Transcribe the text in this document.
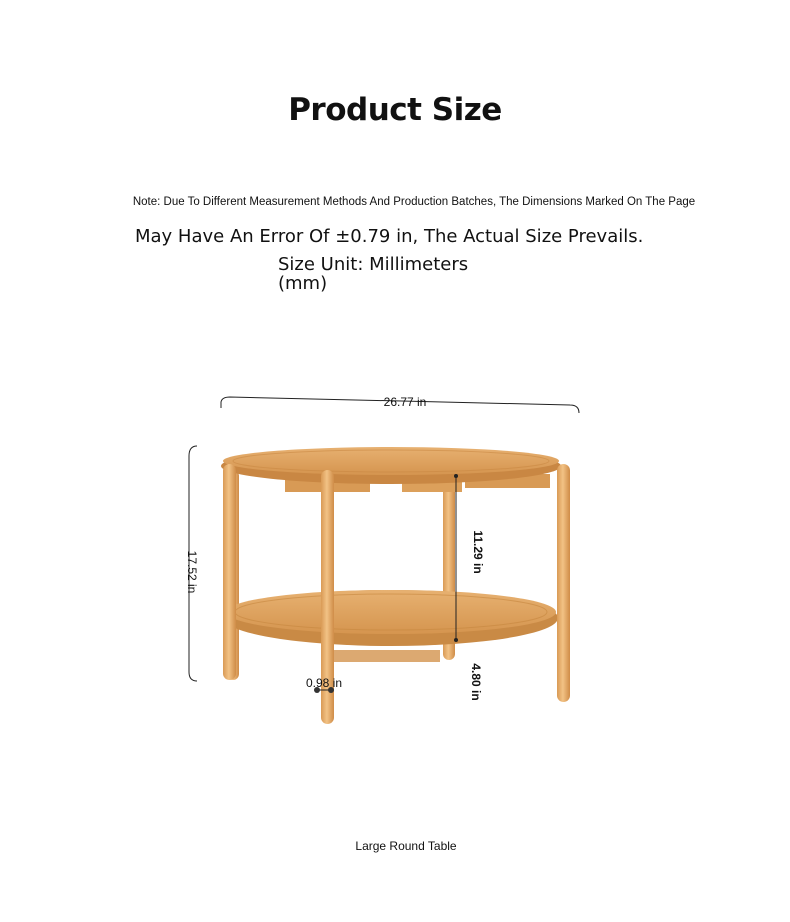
Product Size
Note: Due To Different Measurement Methods And Production Batches, The Dimensions Marked On The Page
May Have An Error Of ±0.79 in, The Actual Size Prevails.
Size Unit: Millimeters (mm)
26.77 in
17.52 in	11.29 in
4.80 in
0.98 in
Large Round Table
